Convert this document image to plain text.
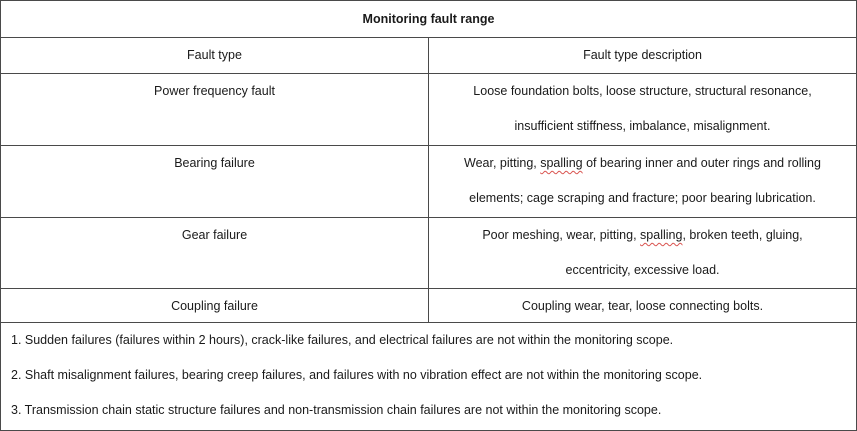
Monitoring fault range
Fault type	Fault type description
Power frequency fault	Loose foundation bolts, loose structure, structural resonance,
insufficient stiffness, imbalance, misalignment.
Bearing failure	Wear, pitting, spalling of bearing inner and outer rings and rolling
elements; cage scraping and fracture; poor bearing lubrication.
Gear failure	Poor meshing, wear, pitting, spalling, broken teeth, gluing,
eccentricity, excessive load.
Coupling failure	Coupling wear, tear, loose connecting bolts.
1. Sudden failures (failures within 2 hours), crack-like failures, and electrical failures are not within the monitoring scope.
2. Shaft misalignment failures, bearing creep failures, and failures with no vibration effect are not within the monitoring scope.
3. Transmission chain static structure failures and non-transmission chain failures are not within the monitoring scope.
